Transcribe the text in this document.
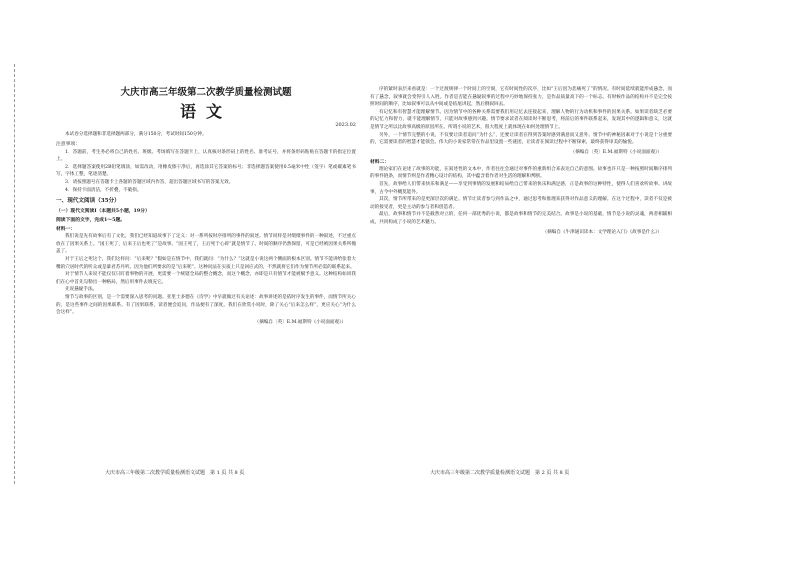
大庆市高三年级第二次教学质量检测试题

语文

2023.02

本试卷分选择题和非选择题两部分，满分150分，考试时间150分钟。

注意事项：

1．答题前，考生务必将自己的姓名、班级、考场填写在答题卡上，认真核对条形码上的姓名、准考证号，并将条形码粘贴在答题卡的指定位置上。

2．选择题答案使用2B铅笔填涂，如需改动，用橡皮擦干净后，再选涂其它答案的标号；非选择题答案使用0.5毫米中性（签字）笔或碳素笔书写，字体工整，笔迹清楚。

3．请按照题号在答题卡上各题的答题区域内作答，超出答题区域书写的答案无效。

4．保持卡面清洁，不折叠，不破损。

一、现代文阅读（35分）

（一）现代文阅读Ⅰ（本题共5小题，19分）

阅读下面的文字，完成1～5题。

材料一：

我们说是先有故事后有了文化，我们已经知道故事下了定义：对一系列按时序排列的事件的叙述。情节同样是对缀缀事件的一种叙述，不过重点放在了因果关系上。“国王死了，后来王后也死了”是故事。“国王死了，王后死于心碎”就是情节了。时间的顺序仍然保留，可是已经被因果关系所掩盖了。

对于王后之死这个，我们这样问：“后来呢？”假如是在情节中，我们就问：“为什么？”这就是小说这两个侧面的根本区别。情节不能讲给张着大嘴的穴居时代的听众或是暴君苏丹听。因为他们所要求的是“后来呢”。这种问法在实质上只是回应式的，不然就将它们作为情节所必需的联系起来。

对于情节人来说不能仅仅只盯着事物的开展，更需要一个统辖全局的整合概念，而这个概念，亦即是只有情节才能被赋予意义。这种结构如同我们在心中首先勾勒出一种格局，然后用事件去填充它。

先说悬疑手法。

情节与故事的区别，是一个需要深入思考的问题。亚里士多德在《诗学》中早就做过有关论述：故事讲述的是依时序发生的事件，而情节所关心的，是这些事件之间的因果联系。有了因果联系，读者便会追问，作品便有了深度。我们在欣赏小说时，除了关心“后来怎么样”，更应关心“为什么会这样”。

（摘编自〔英〕E.M.福斯特《小说面面观》）

序的紧时表层来看就是：一个过渡规律一个时间上的空洞，它有时间性的次序，比如“王后因为悲痛死了”的情况。有时间延续就能形成悬念，而有了悬念，叙事就会变得引人入胜。作者是否能在悬疑叙事的过程中巧妙地保持张力，是作品质量高下的一个标志。有时候作品的结构并不是完全按照时间的顺序，比如叙事可以从中间或是结尾讲起，然后倒叙回去。

有记忆和有智慧才能理解情节。因为情节中的各种关系需要我们用记忆去连接起来，理解人物的行为动机和事件的因果关系。如果读者缺乏必要的记忆力和智力，就不能理解情节，只能对故事感到兴趣。情节要求读者在阅读时不断思考，将前后的事件联系起来，发现其中的逻辑和意义，这就是情节之所以比故事高级的原因所在。所谓小说的艺术，很大程度上就体现在如何处理情节上。

另外，一个情节完整的小说，不仅要让读者追问“为什么”，还要让读者在得到答案时感到满意而又意外。情节中的神秘因素对于小说是十分重要的，它需要读者的智慧才能领会。伟大的小说家常常在作品里设置一些谜团，让读者在阅读过程中不断探索，最终获得审美的愉悦。

（摘编自〔英〕E.M.福斯特《小说面面观》）

材料二：

理论家们在论述了故事的功能，在叙述性的文本中，作者往往会通过对事件的重新组合来表达自己的意图。故事也许只是一种按照时间顺序排列的事件链条，而情节则是作者精心设计的结构，其中蕴含着作者对生活的理解和判断。

首先，故事给人们带来快乐和满足——享受到事情的发展和结局给自己带来的快乐和满足感，正是故事的这种特性，使得人们喜欢听故事、讲故事，古今中外概莫能外。

其次，情节所带来的是更深层次的满足。情节让读者参与到作品之中，通过思考和推理来获得对作品意义的理解。在这个过程中，读者不仅是被动的接受者，更是主动的参与者和创造者。

最后，故事和情节并不是截然对立的，任何一部优秀的小说，都是故事和情节的完美结合。故事是小说的基础，情节是小说的灵魂，两者相辅相成，共同构成了小说的艺术魅力。

（摘编自《牛津通识读本：文学理论入门》《故事是什么》）

大庆市高三年级第二次教学质量检测语文试题　第 1 页 共 8 页	大庆市高三年级第二次教学质量检测语文试题　第 2 页 共 8 页
